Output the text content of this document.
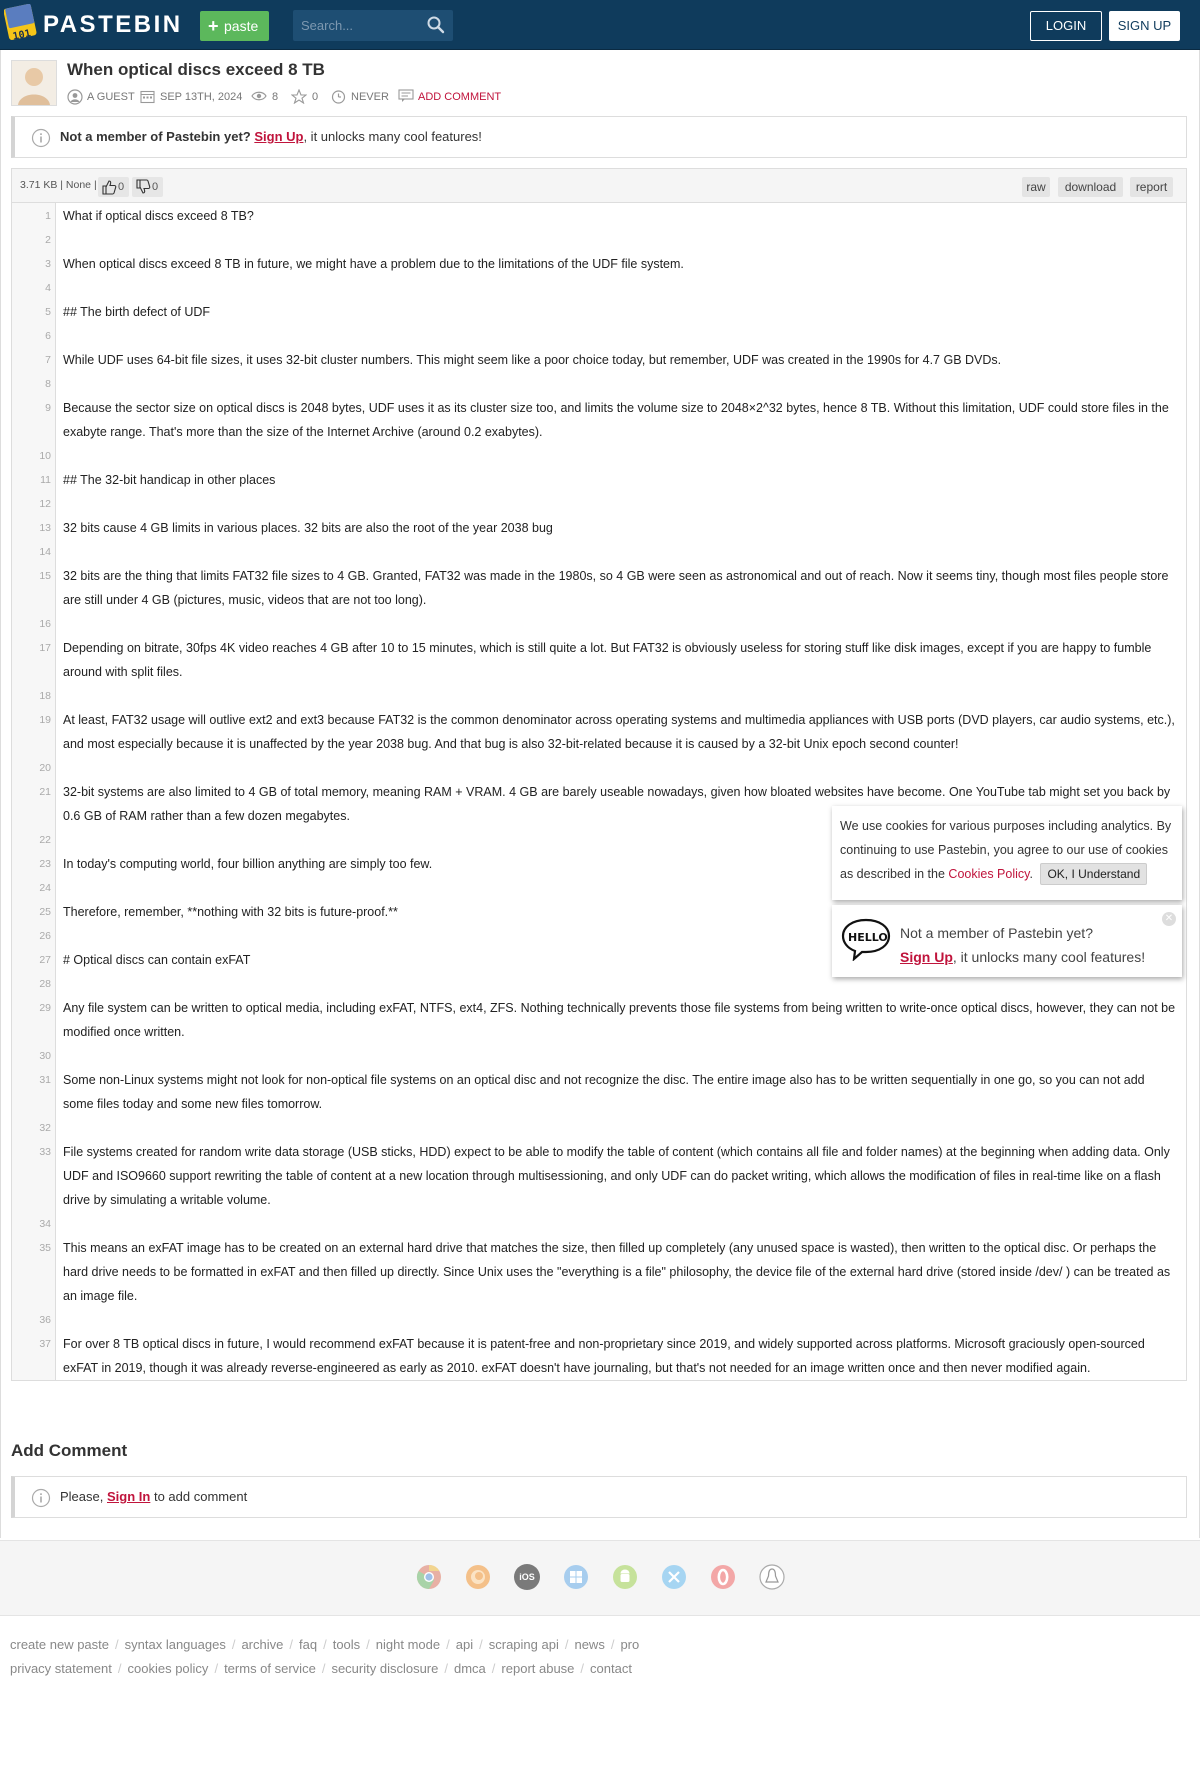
101 PASTEBIN + paste
Search...	LOGIN	SIGN UP
When optical discs exceed 8 TB
A GUEST SEP 13TH, 2024	8	0	NEVER	ADD COMMENT
Not a member of Pastebin yet? Sign Up, it unlocks many cool features!
3.71 KB | None |	0	0	raw	download	report
1
2
3
4
5
6
7
8
9
10
11
12
13
14
15
16
17
18
19
20
21
22
23
24
25
26
27
28
29
30
31
32
33
34
35
36
37
What if optical discs exceed 8 TB?
When optical discs exceed 8 TB in future, we might have a problem due to the limitations of the UDF file system.
## The birth defect of UDF
While UDF uses 64-bit file sizes, it uses 32-bit cluster numbers. This might seem like a poor choice today, but remember, UDF was created in the 1990s for 4.7 GB DVDs.
Because the sector size on optical discs is 2048 bytes, UDF uses it as its cluster size too, and limits the volume size to 2048×2^32 bytes, hence 8 TB. Without this limitation, UDF could store files in the exabyte range. That's more than the size of the Internet Archive (around 0.2 exabytes).
## The 32-bit handicap in other places
32 bits cause 4 GB limits in various places. 32 bits are also the root of the year 2038 bug
32 bits are the thing that limits FAT32 file sizes to 4 GB. Granted, FAT32 was made in the 1980s, so 4 GB were seen as astronomical and out of reach. Now it seems tiny, though most files people store are still under 4 GB (pictures, music, videos that are not too long).
Depending on bitrate, 30fps 4K video reaches 4 GB after 10 to 15 minutes, which is still quite a lot. But FAT32 is obviously useless for storing stuff like disk images, except if you are happy to fumble around with split files.
At least, FAT32 usage will outlive ext2 and ext3 because FAT32 is the common denominator across operating systems and multimedia appliances with USB ports (DVD players, car audio systems, etc.), and most especially because it is unaffected by the year 2038 bug. And that bug is also 32-bit-related because it is caused by a 32-bit Unix epoch second counter!
32-bit systems are also limited to 4 GB of total memory, meaning RAM + VRAM. 4 GB are barely useable nowadays, given how bloated websites have become. One YouTube tab might set you back by 0.6 GB of RAM rather than a few dozen megabytes.
In today's computing world, four billion anything are simply too few.
Therefore, remember, **nothing with 32 bits is future-proof.**
# Optical discs can contain exFAT
Any file system can be written to optical media, including exFAT, NTFS, ext4, ZFS. Nothing technically prevents those file systems from being written to write-once optical discs, however, they can not be modified once written.
Some non-Linux systems might not look for non-optical file systems on an optical disc and not recognize the disc. The entire image also has to be written sequentially in one go, so you can not add some files today and some new files tomorrow.
File systems created for random write data storage (USB sticks, HDD) expect to be able to modify the table of content (which contains all file and folder names) at the beginning when adding data. Only UDF and ISO9660 support rewriting the table of content at a new location through multisessioning, and only UDF can do packet writing, which allows the modification of files in real-time like on a flash drive by simulating a writable volume.
This means an exFAT image has to be created on an external hard drive that matches the size, then filled up completely (any unused space is wasted), then written to the optical disc. Or perhaps the hard drive needs to be formatted in exFAT and then filled up directly. Since Unix uses the "everything is a file" philosophy, the device file of the external hard drive (stored inside /dev/ ) can be treated as an image file.
For over 8 TB optical discs in future, I would recommend exFAT because it is patent-free and non-proprietary since 2019, and widely supported across platforms. Microsoft graciously open-sourced exFAT in 2019, though it was already reverse-engineered as early as 2010. exFAT doesn't have journaling, but that's not needed for an image written once and then never modified again.
Add Comment
Please, Sign In to add comment
iOS
create new paste / syntax languages / archive / faq / tools / night mode / api / scraping api / news / pro
privacy statement / cookies policy / terms of service / security disclosure / dmca / report abuse / contact
We use cookies for various purposes including analytics. By continuing to use Pastebin, you agree to our use of cookies as described in the Cookies Policy. OK, I Understand
HELLO Not a member of Pastebin yet?
Sign Up, it unlocks many cool features!
✕
